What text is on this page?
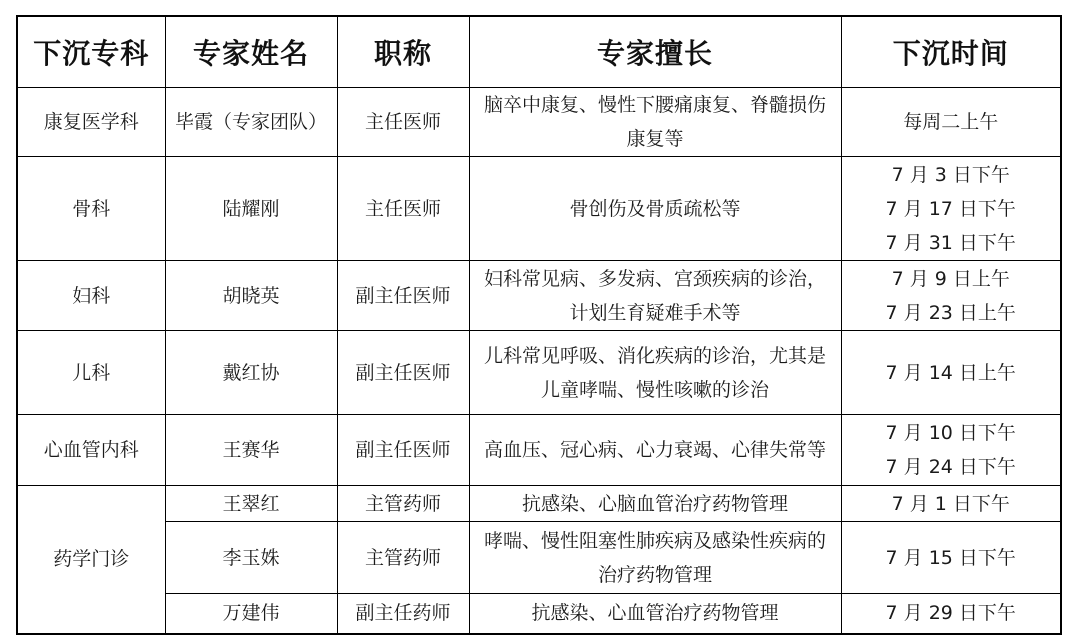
下沉专科	专家姓名	职称	专家擅长	下沉时间
康复医学科	毕霞（专家团队）	主任医师	脑卒中康复、慢性下腰痛康复、脊髓损伤
康复等	每周二上午

骨科	陆耀刚	主任医师	骨创伤及骨质疏松等	7 月 3 日下午
7 月 17 日下午
7 月 31 日下午

妇科	胡晓英	副主任医师	妇科常见病、多发病、宫颈疾病的诊治，
计划生育疑难手术等	7 月 9 日上午
7 月 23 日上午

儿科	戴红协	副主任医师	儿科常见呼吸、消化疾病的诊治，尤其是
儿童哮喘、慢性咳嗽的诊治	7 月 14 日上午

心血管内科	王赛华	副主任医师	高血压、冠心病、心力衰竭、心律失常等	7 月 10 日下午
7 月 24 日下午

药学门诊	王翠红	主管药师	抗感染、心脑血管治疗药物管理	7 月 1 日下午

	李玉姝	主管药师	哮喘、慢性阻塞性肺疾病及感染性疾病的
治疗药物管理	7 月 15 日下午

	万建伟	副主任药师	抗感染、心血管治疗药物管理	7 月 29 日下午
